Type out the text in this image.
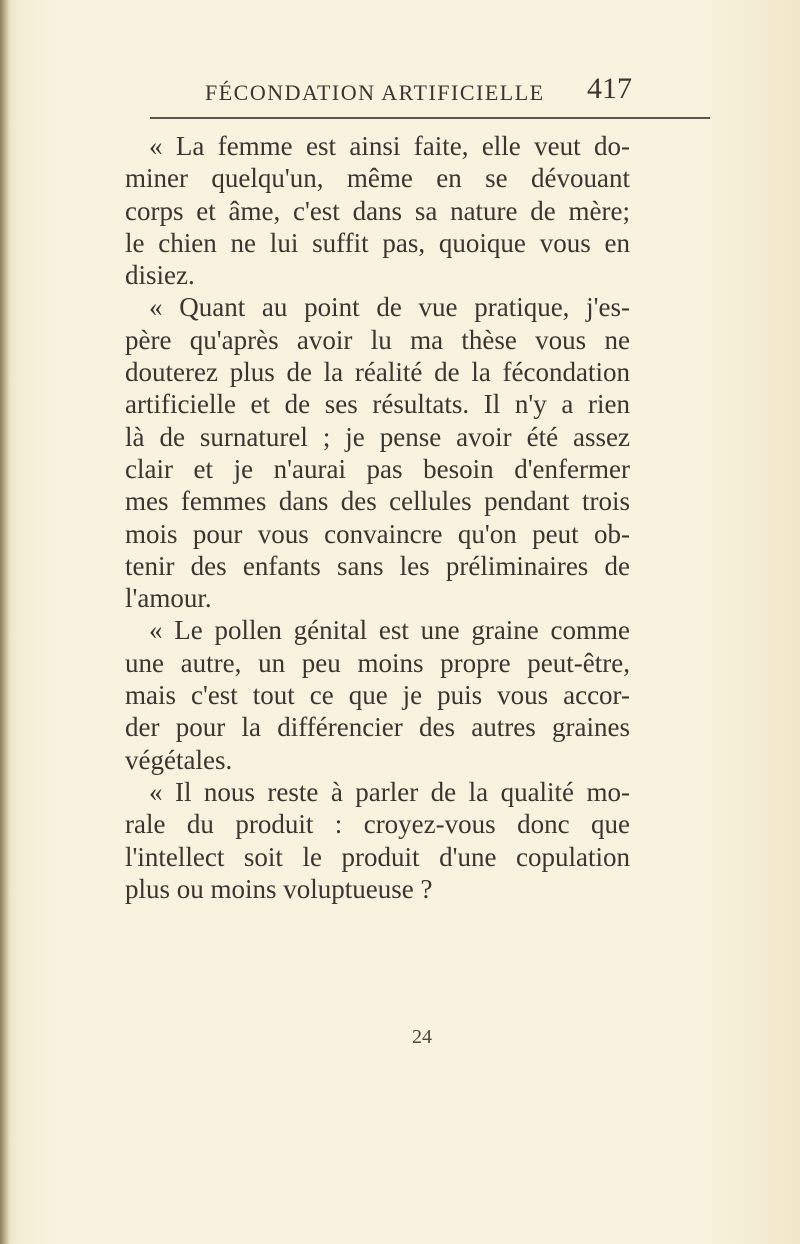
FÉCONDATION ARTIFICIELLE 417
« La femme est ainsi faite, elle veut do-
miner quelqu'un, même en se dévouant
corps et âme, c'est dans sa nature de mère;
le chien ne lui suffit pas, quoique vous en
disiez.
« Quant au point de vue pratique, j'es-
père qu'après avoir lu ma thèse vous ne
douterez plus de la réalité de la fécondation
artificielle et de ses résultats. Il n'y a rien
là de surnaturel ; je pense avoir été assez
clair et je n'aurai pas besoin d'enfermer
mes femmes dans des cellules pendant trois
mois pour vous convaincre qu'on peut ob-
tenir des enfants sans les préliminaires de
l'amour.
« Le pollen génital est une graine comme
une autre, un peu moins propre peut-être,
mais c'est tout ce que je puis vous accor-
der pour la différencier des autres graines
végétales.
« Il nous reste à parler de la qualité mo-
rale du produit : croyez-vous donc que
l'intellect soit le produit d'une copulation
plus ou moins voluptueuse ?
24
